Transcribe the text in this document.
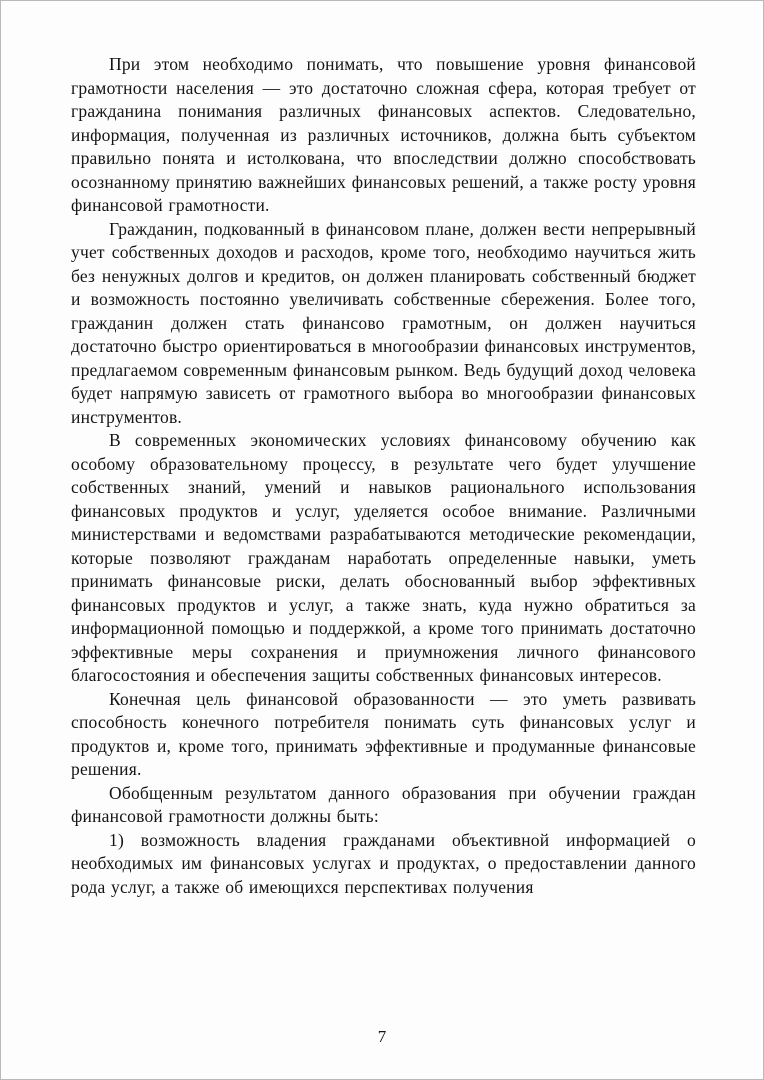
При этом необходимо понимать, что повышение уровня финансовой грамотности населения — это достаточно сложная сфера, которая требует от гражданина понимания различных финансовых аспектов. Следовательно, информация, полученная из различных источников, должна быть субъектом правильно понята и истолкована, что впоследствии должно способствовать осознанному принятию важнейших финансовых решений, а также росту уровня финансовой грамотности.

Гражданин, подкованный в финансовом плане, должен вести непрерывный учет собственных доходов и расходов, кроме того, необходимо научиться жить без ненужных долгов и кредитов, он должен планировать собственный бюджет и возможность постоянно увеличивать собственные сбережения. Более того, гражданин должен стать финансово грамотным, он должен научиться достаточно быстро ориентироваться в многообразии финансовых инструментов, предлагаемом современным финансовым рынком. Ведь будущий доход человека будет напрямую зависеть от грамотного выбора во многообразии финансовых инструментов.

В современных экономических условиях финансовому обучению как особому образовательному процессу, в результате чего будет улучшение собственных знаний, умений и навыков рационального использования финансовых продуктов и услуг, уделяется особое внимание. Различными министерствами и ведомствами разрабатываются методические рекомендации, которые позволяют гражданам наработать определенные навыки, уметь принимать финансовые риски, делать обоснованный выбор эффективных финансовых продуктов и услуг, а также знать, куда нужно обратиться за информационной помощью и поддержкой, а кроме того принимать достаточно эффективные меры сохранения и приумножения личного финансового благосостояния и обеспечения защиты собственных финансовых интересов.

Конечная цель финансовой образованности — это уметь развивать способность конечного потребителя понимать суть финансовых услуг и продуктов и, кроме того, принимать эффективные и продуманные финансовые решения.

Обобщенным результатом данного образования при обучении граждан финансовой грамотности должны быть:

1) возможность владения гражданами объективной информацией о необходимых им финансовых услугах и продуктах, о предоставлении данного рода услуг, а также об имеющихся перспективах получения

7
